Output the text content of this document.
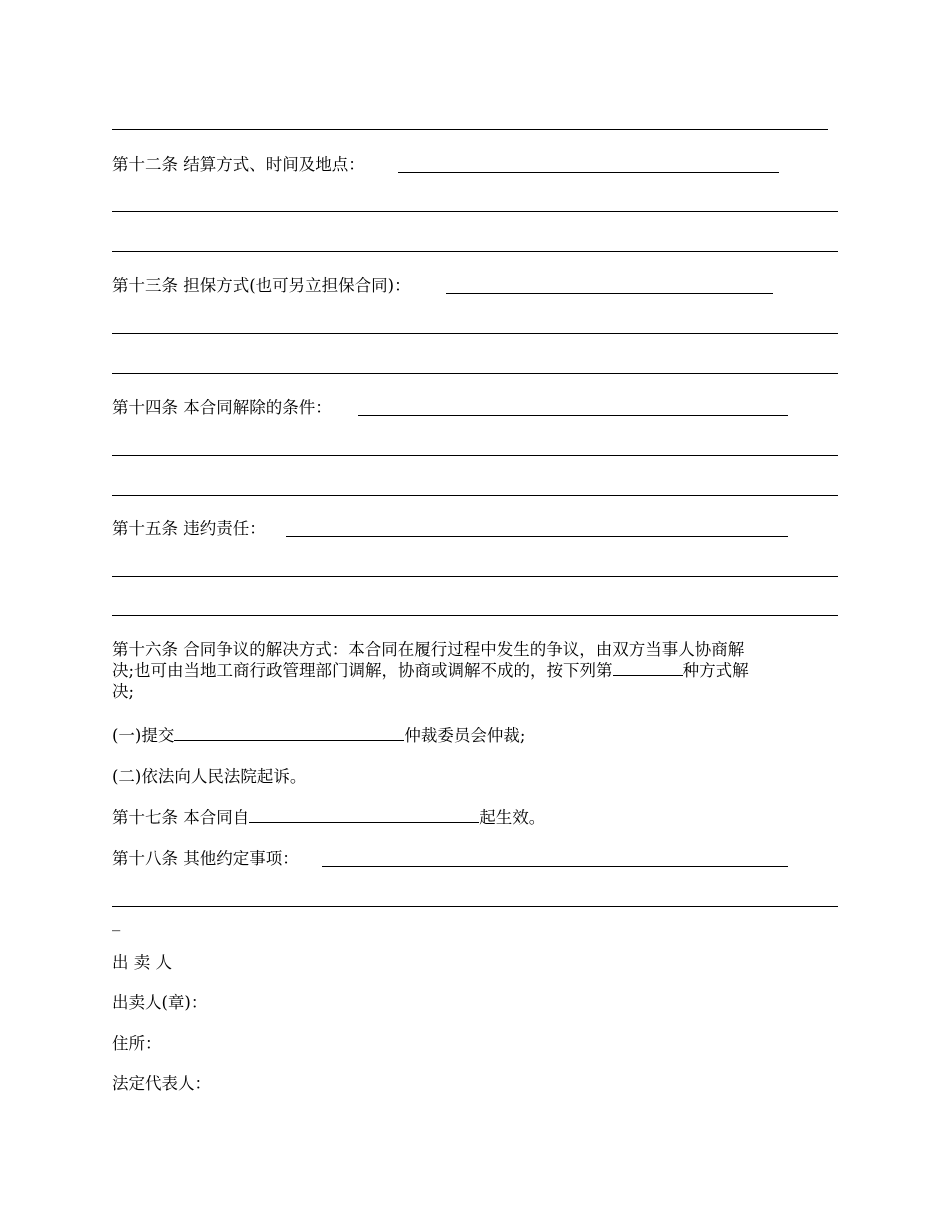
第十二条 结算方式、时间及地点：
第十三条 担保方式(也可另立担保合同)：
第十四条 本合同解除的条件：
第十五条 违约责任：
第十六条 合同争议的解决方式：本合同在履行过程中发生的争议，由双方当事人协商解
决;也可由当地工商行政管理部门调解，协商或调解不成的，按下列第	种方式解
决;
(一)提交	仲裁委员会仲裁;
(二)依法向人民法院起诉。
第十七条 本合同自	起生效。
第十八条 其他约定事项：
_
出 卖 人
出卖人(章)：
住所：
法定代表人：
